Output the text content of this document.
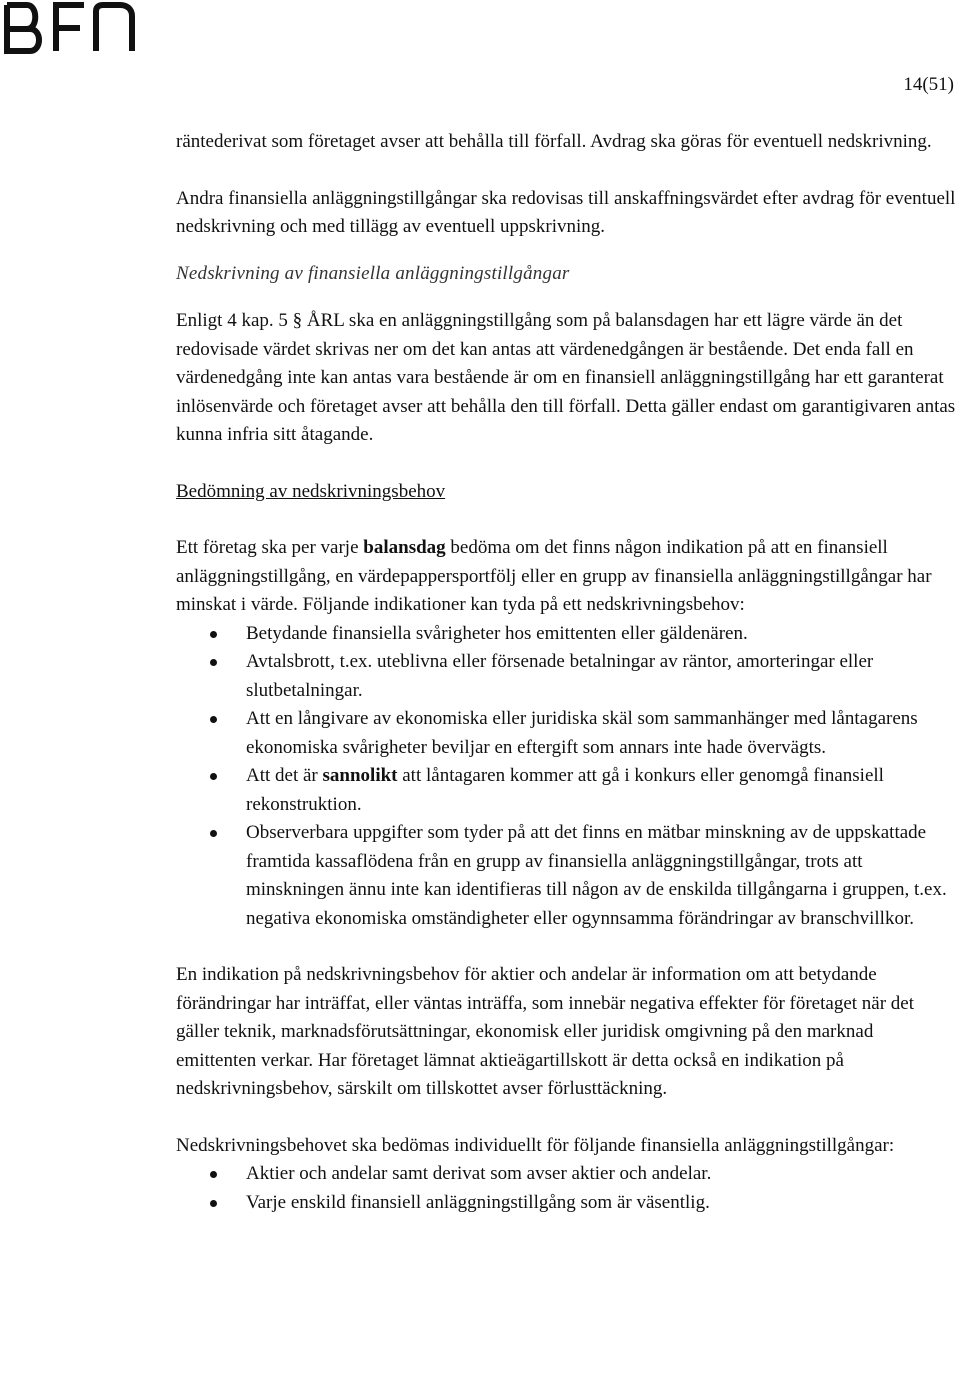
14(51)

räntederivat som företaget avser att behålla till förfall. Avdrag ska göras för eventuell nedskrivning.

Andra finansiella anläggningstillgångar ska redovisas till anskaffningsvärdet efter avdrag för eventuell nedskrivning och med tillägg av eventuell uppskrivning.

Nedskrivning av finansiella anläggningstillgångar

Enligt 4 kap. 5 § ÅRL ska en anläggningstillgång som på balansdagen har ett lägre värde än det redovisade värdet skrivas ner om det kan antas att värdenedgången är bestående. Det enda fall en värdenedgång inte kan antas vara bestående är om en finansiell anläggningstillgång har ett garanterat inlösenvärde och företaget avser att behålla den till förfall. Detta gäller endast om garantigivaren antas kunna infria sitt åtagande.

Bedömning av nedskrivningsbehov

Ett företag ska per varje balansdag bedöma om det finns någon indikation på att en finansiell anläggningstillgång, en värdepappersportfölj eller en grupp av finansiella anläggningstillgångar har minskat i värde. Följande indikationer kan tyda på ett nedskrivningsbehov:

Betydande finansiella svårigheter hos emittenten eller gäldenären.
Avtalsbrott, t.ex. uteblivna eller försenade betalningar av räntor, amorteringar eller slutbetalningar.
Att en långivare av ekonomiska eller juridiska skäl som sammanhänger med låntagarens ekonomiska svårigheter beviljar en eftergift som annars inte hade övervägts.
Att det är sannolikt att låntagaren kommer att gå i konkurs eller genomgå finansiell rekonstruktion.
Observerbara uppgifter som tyder på att det finns en mätbar minskning av de uppskattade framtida kassaflödena från en grupp av finansiella anläggningstillgångar, trots att minskningen ännu inte kan identifieras till någon av de enskilda tillgångarna i gruppen, t.ex. negativa ekonomiska omständigheter eller ogynnsamma förändringar av branschvillkor.

En indikation på nedskrivningsbehov för aktier och andelar är information om att betydande förändringar har inträffat, eller väntas inträffa, som innebär negativa effekter för företaget när det gäller teknik, marknadsförutsättningar, ekonomisk eller juridisk omgivning på den marknad emittenten verkar. Har företaget lämnat aktieägartillskott är detta också en indikation på nedskrivningsbehov, särskilt om tillskottet avser förlusttäckning.

Nedskrivningsbehovet ska bedömas individuellt för följande finansiella anläggningstillgångar:

Aktier och andelar samt derivat som avser aktier och andelar.
Varje enskild finansiell anläggningstillgång som är väsentlig.
